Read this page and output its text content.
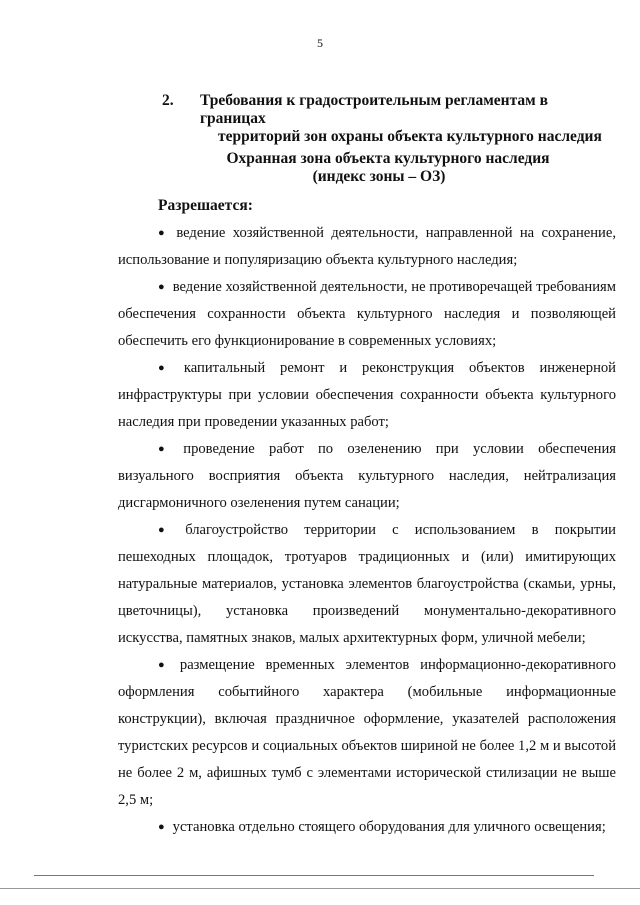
5
2.	Требования к градостроительным регламентам в границах
территорий зон охраны объекта культурного наследия
Охранная зона объекта культурного наследия
(индекс зоны – ОЗ)
Разрешается:

● ведение хозяйственной деятельности, направленной на сохранение, использование и популяризацию объекта культурного наследия;

● ведение хозяйственной деятельности, не противоречащей требованиям обеспечения сохранности объекта культурного наследия и позволяющей обеспечить его функционирование в современных условиях;

● капитальный ремонт и реконструкция объектов инженерной инфраструктуры при условии обеспечения сохранности объекта культурного наследия при проведении указанных работ;

● проведение работ по озеленению при условии обеспечения визуального восприятия объекта культурного наследия, нейтрализация дисгармоничного озеленения путем санации;

● благоустройство территории с использованием в покрытии пешеходных площадок, тротуаров традиционных и (или) имитирующих натуральные материалов, установка элементов благоустройства (скамьи, урны, цветочницы), установка произведений монументально-декоративного искусства, памятных знаков, малых архитектурных форм, уличной мебели;

● размещение временных элементов информационно-декоративного оформления событийного характера (мобильные информационные конструкции), включая праздничное оформление, указателей расположения туристских ресурсов и социальных объектов шириной не более 1,2 м и высотой не более 2 м, афишных тумб с элементами исторической стилизации не выше 2,5 м;

● установка отдельно стоящего оборудования для уличного освещения;
